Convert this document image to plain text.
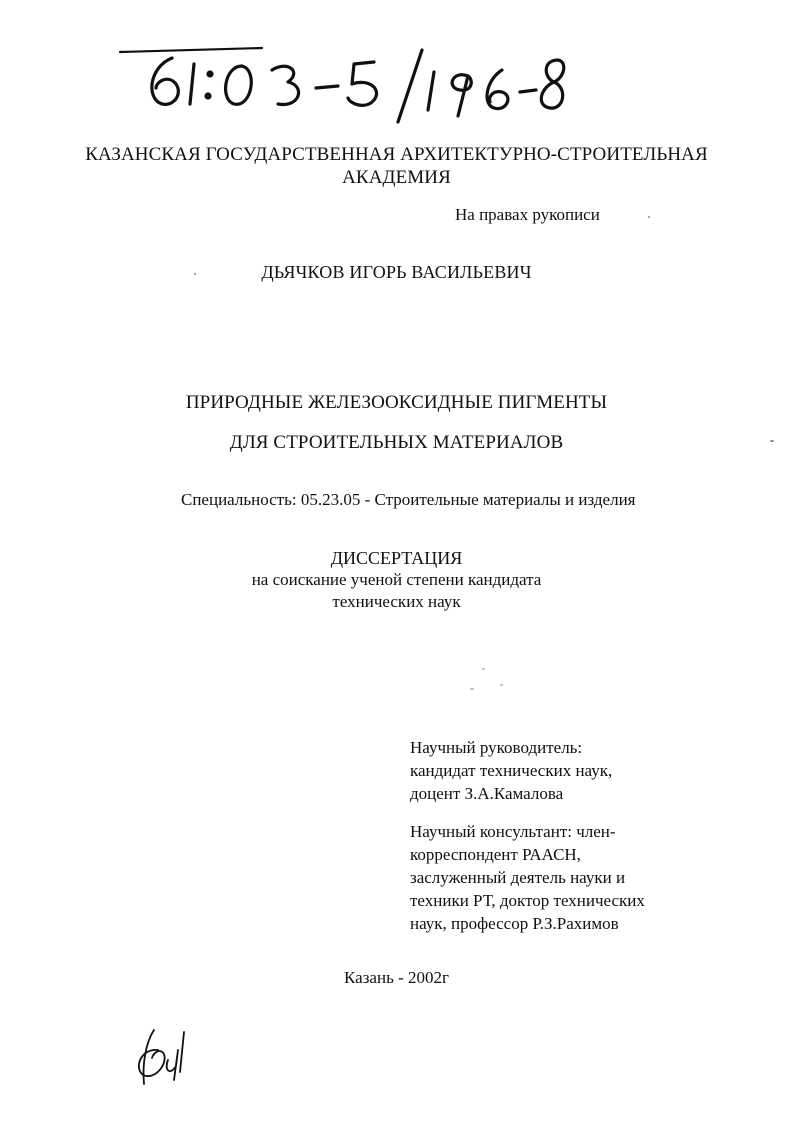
КАЗАНСКАЯ ГОСУДАРСТВЕННАЯ АРХИТЕКТУРНО-СТРОИТЕЛЬНАЯ
АКАДЕМИЯ
На правах рукописи
ДЬЯЧКОВ ИГОРЬ ВАСИЛЬЕВИЧ
ПРИРОДНЫЕ ЖЕЛЕЗООКСИДНЫЕ ПИГМЕНТЫ
ДЛЯ СТРОИТЕЛЬНЫХ МАТЕРИАЛОВ
Специальность: 05.23.05 - Строительные материалы и изделия
ДИССЕРТАЦИЯ
на соискание ученой степени кандидата
технических наук
Научный руководитель:
кандидат технических наук,
доцент З.А.Камалова
Научный консультант: член-
корреспондент РААСН,
заслуженный деятель науки и
техники РТ, доктор технических
наук, профессор Р.З.Рахимов
Казань - 2002г
